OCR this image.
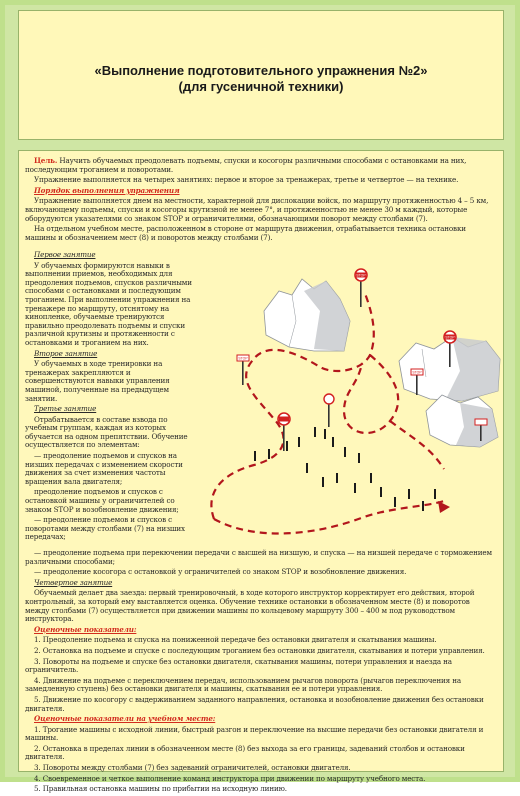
«Выполнение подготовительного упражнения №2»
(для гусеничной техники)
Цель. Научить обучаемых преодолевать подъемы, спуски и косогоры различными способами с остановками на них, последующим троганием и поворотами.
Упражнение выполняется на четырех занятиях: первое и второе за тренажерах, третье и четвертое — на технике.
Порядок выполнения упражнения
Упражнение выполняется днем на местности, характерной для дислокации войск, по маршруту протяженностью 4 – 5 км, включающему подъемы, спуски и косогоры крутизной не менее 7°, и протяженностью не менее 30 м каждый, которые оборудуются указателями со знаком STOP и ограничителями, обозначающими поворот между столбами (7).
На отдельном учебном месте, расположенном в стороне от маршрута движения, отрабатывается техника остановки машины и обозначением мест (8) и поворотов между столбами (7).
Первое занятие
У обучаемых формируются навыки в выполнении приемов, необходимых для преодоления подъемов, спусков различными способами с остановками и последующим троганием. При выполнении упражнения на тренажере по маршруту, отснятому на кинопленке, обучаемые тренируются правильно преодолевать подъемы и спуски различной крутизны и протяженности с остановками и троганием на них.
Второе занятие
У обучаемых в ходе тренировки на тренажерах закрепляются и совершенствуются навыки управления машиной, полученные на предыдущем занятии.
Третье занятие
Отрабатывается в составе взвода по учебным группам, каждая из которых обучается на одном препятствии. Обучение осуществляется по элементам:
— преодоление подъемов и спусков на низших передачах с изменением скорости движения за счет изменения частоты вращения вала двигателя;
преодоление подъемов и спусков с остановкой машины у ограничителей со знаком STOP и возобновление движения;
— преодоление подъемов и спусков с поворотами между столбами (7) на низших передачах;
STOP
STOP
STOP
STOP
— преодоление подъема при перекючении передачи с высшей на низшую, и спуска — на низшей передаче с торможением различными способами;
— преодоление косогора с остановкой у ограничителей со знаком STOP и возобновление движения.
Четвертое занятие
Обучаемый делает два заезда: первый тренировочный, в ходе которого инструктор корректирует его действия, второй контрольный, за который ему выставляется оценка. Обучение технике остановки в обозначенном месте (8) и поворотов между столбами (7) осуществляется при движении машины по кольцевому маршруту 300 – 400 м под руководством инструктора.
Оценочные показатели:
1. Преодоление подъема и спуска на пониженной передаче без остановки двигателя и скатывания машины.
2. Остановка на подъеме и спуске с последующим троганием без остановки двигателя, скатывания и потери управления.
3. Повороты на подъеме и спуске без остановки двигателя, скатывания машины, потери управления и наезда на ограничитель.
4. Движение на подъеме с переключением передач, использованием рычагов поворота (рычагов переключения на замедленную ступень) без остановки двигателя и машины, скатывания ее и потери управления.
5. Движение по косогору с выдерживанием заданного направления, остановка и возобновление движения без остановки двигателя.
Оценочные показатели на учебном месте:
1. Трогание машины с исходной линии, быстрый разгон и переключение на высшие передачи без остановки двигателя и машины.
2. Остановка в пределах линии в обозначенном месте (8) без выхода за его границы, задеваний столбов и остановки двигателя.
3. Повороты между столбами (7) без задеваний ограничителей, остановки двигателя.
4. Своевременное и четкое выполнение команд инструктора при движении по маршруту учебного места.
5. Правильная остановка машины по прибытии на исходную линию.
